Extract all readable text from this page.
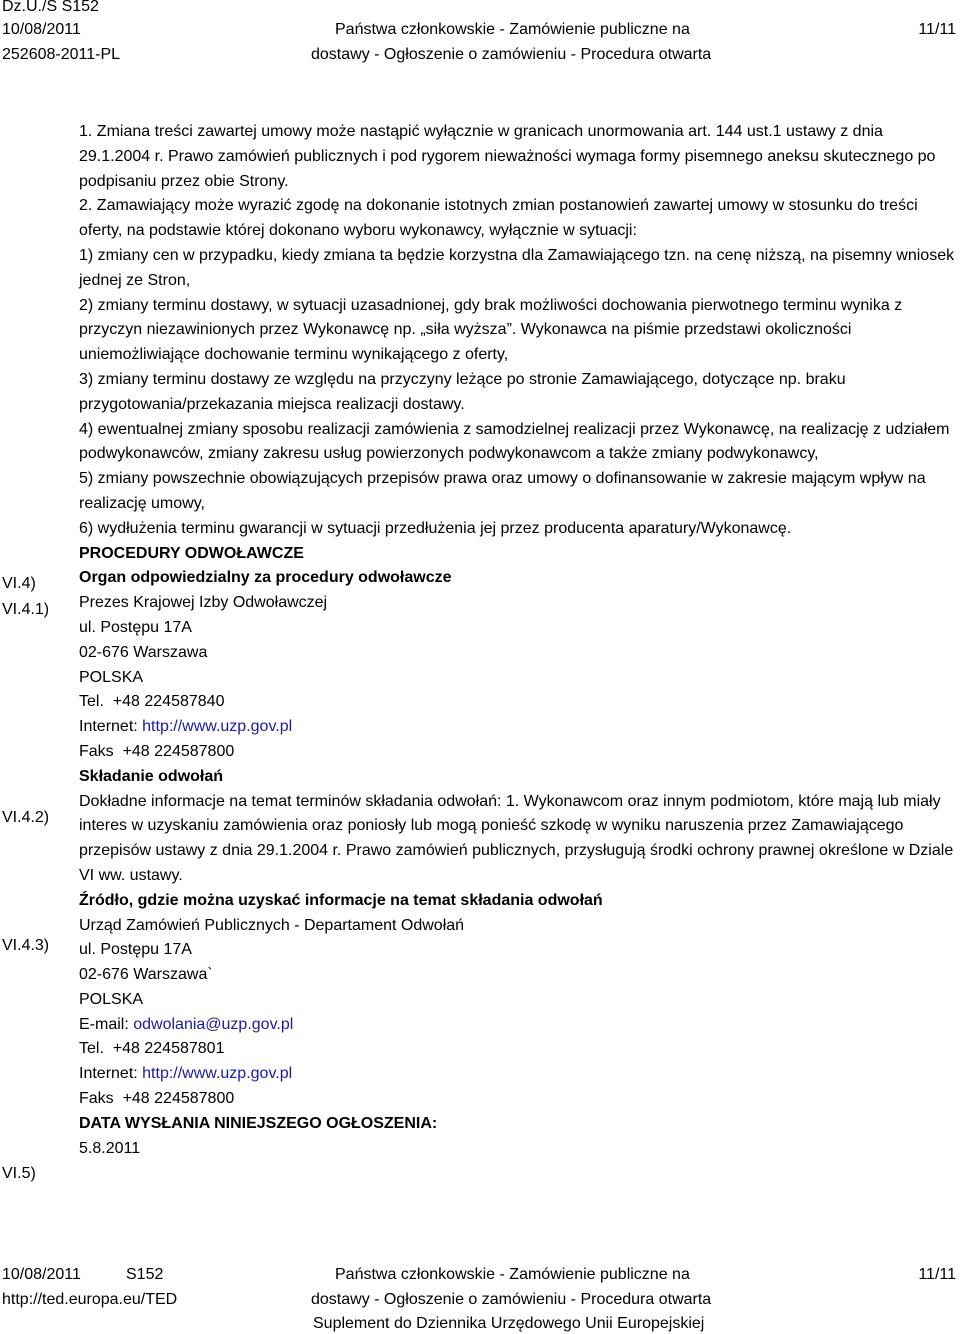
Dz.U./S S152
10/08/2011
252608-2011-PL
Państwa członkowskie - Zamówienie publiczne na
dostawy - Ogłoszenie o zamówieniu - Procedura otwarta
11/11
VI.4)
VI.4.1)
VI.4.2)
VI.4.3)
VI.5)

1. Zmiana treści zawartej umowy może nastąpić wyłącznie w granicach unormowania art. 144 ust.1 ustawy z dnia 29.1.2004 r. Prawo zamówień publicznych i pod rygorem nieważności wymaga formy pisemnego aneksu skutecznego po podpisaniu przez obie Strony.

2. Zamawiający może wyrazić zgodę na dokonanie istotnych zmian postanowień zawartej umowy w stosunku do treści oferty, na podstawie której dokonano wyboru wykonawcy, wyłącznie w sytuacji:

1) zmiany cen w przypadku, kiedy zmiana ta będzie korzystna dla Zamawiającego tzn. na cenę niższą, na pisemny wniosek jednej ze Stron,

2) zmiany terminu dostawy, w sytuacji uzasadnionej, gdy brak możliwości dochowania pierwotnego terminu wynika z przyczyn niezawinionych przez Wykonawcę np. „siła wyższa”. Wykonawca na piśmie przedstawi okoliczności uniemożliwiające dochowanie terminu wynikającego z oferty,

3) zmiany terminu dostawy ze względu na przyczyny leżące po stronie Zamawiającego, dotyczące np. braku przygotowania/przekazania miejsca realizacji dostawy.

4) ewentualnej zmiany sposobu realizacji zamówienia z samodzielnej realizacji przez Wykonawcę, na realizację z udziałem podwykonawców, zmiany zakresu usług powierzonych podwykonawcom a także zmiany podwykonawcy,

5) zmiany powszechnie obowiązujących przepisów prawa oraz umowy o dofinansowanie w zakresie mającym wpływ na realizację umowy,

6) wydłużenia terminu gwarancji w sytuacji przedłużenia jej przez producenta aparatury/Wykonawcę.

PROCEDURY ODWOŁAWCZE

Organ odpowiedzialny za procedury odwoławcze

Prezes Krajowej Izby Odwoławczej

ul. Postępu 17A

02-676 Warszawa

POLSKA

Tel. +48 224587840

Internet: http://www.uzp.gov.pl

Faks +48 224587800

Składanie odwołań

Dokładne informacje na temat terminów składania odwołań: 1. Wykonawcom oraz innym podmiotom, które mają lub miały interes w uzyskaniu zamówienia oraz poniosły lub mogą ponieść szkodę w wyniku naruszenia przez Zamawiającego przepisów ustawy z dnia 29.1.2004 r. Prawo zamówień publicznych, przysługują środki ochrony prawnej określone w Dziale VI ww. ustawy.

Źródło, gdzie można uzyskać informacje na temat składania odwołań

Urząd Zamówień Publicznych - Departament Odwołań

ul. Postępu 17A

02-676 Warszawa`

POLSKA

E-mail: odwolania@uzp.gov.pl

Tel. +48 224587801

Internet: http://www.uzp.gov.pl

Faks +48 224587800

DATA WYSŁANIA NINIEJSZEGO OGŁOSZENIA:

5.8.2011

10/08/2011	S152
http://ted.europa.eu/TED
Państwa członkowskie - Zamówienie publiczne na
dostawy - Ogłoszenie o zamówieniu - Procedura otwarta
Suplement do Dziennika Urzędowego Unii Europejskiej
11/11
